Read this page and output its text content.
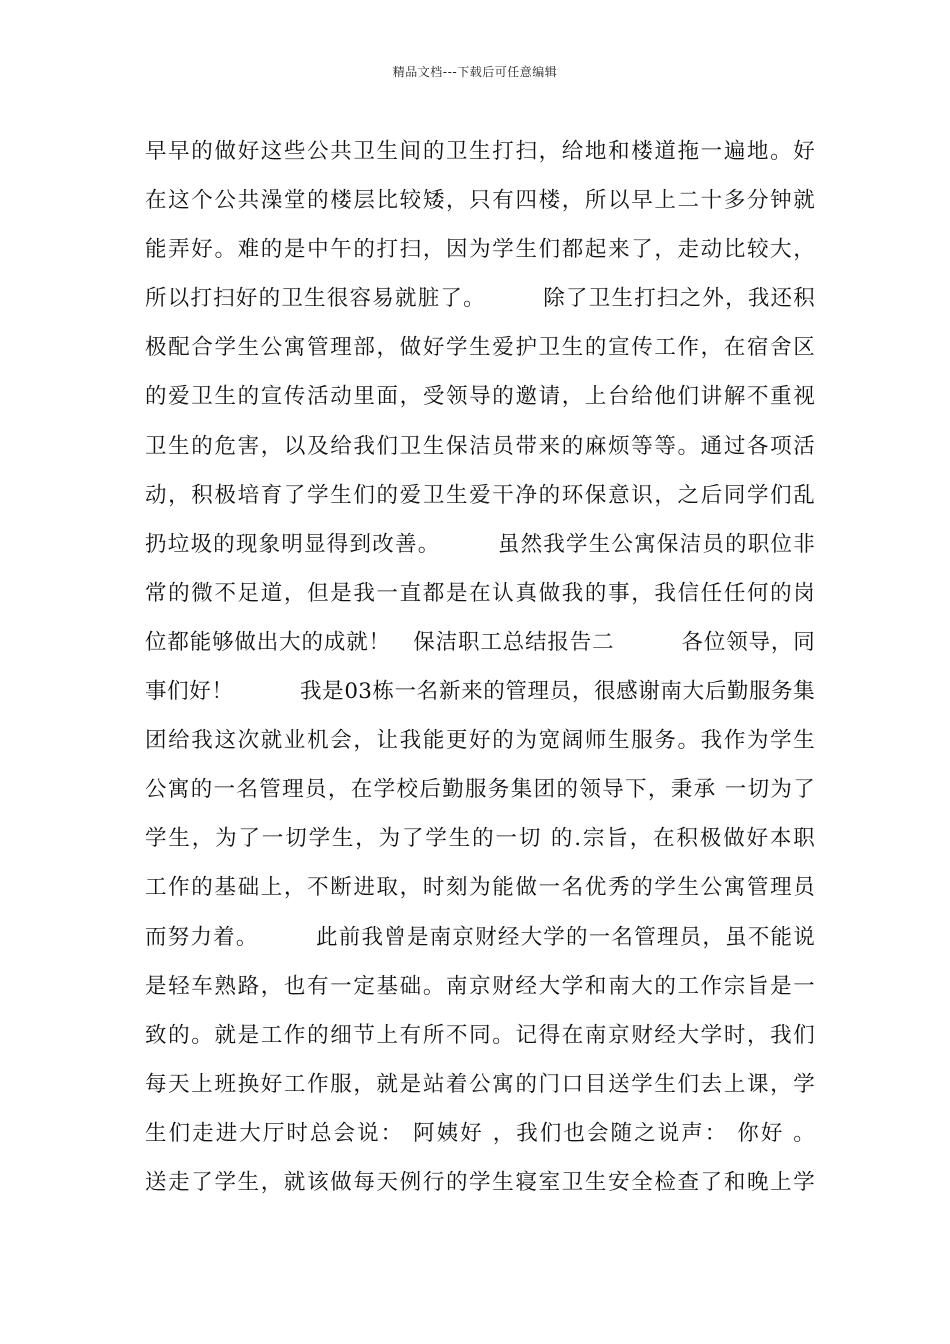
精品文档---下载后可任意编辑
早早的做好这些公共卫生间的卫生打扫，给地和楼道拖一遍地。好
在这个公共澡堂的楼层比较矮，只有四楼，所以早上二十多分钟就
能弄好。难的是中午的打扫，因为学生们都起来了，走动比较大，
所以打扫好的卫生很容易就脏了。　　　除了卫生打扫之外，我还积
极配合学生公寓管理部，做好学生爱护卫生的宣传工作，在宿舍区
的爱卫生的宣传活动里面，受领导的邀请，上台给他们讲解不重视
卫生的危害，以及给我们卫生保洁员带来的麻烦等等。通过各项活
动，积极培育了学生们的爱卫生爱干净的环保意识，之后同学们乱
扔垃圾的现象明显得到改善。　　　虽然我学生公寓保洁员的职位非
常的微不足道，但是我一直都是在认真做我的事，我信任任何的岗
位都能够做出大的成就！　保洁职工总结报告二　　　各位领导，同
事们好！　　　我是03栋一名新来的管理员，很感谢南大后勤服务集
团给我这次就业机会，让我能更好的为宽阔师生服务。我作为学生
公寓的一名管理员，在学校后勤服务集团的领导下，秉承 一切为了
学生，为了一切学生，为了学生的一切 的.宗旨，在积极做好本职
工作的基础上，不断进取，时刻为能做一名优秀的学生公寓管理员
而努力着。　　　此前我曾是南京财经大学的一名管理员，虽不能说
是轻车熟路，也有一定基础。南京财经大学和南大的工作宗旨是一
致的。就是工作的细节上有所不同。记得在南京财经大学时，我们
每天上班换好工作服，就是站着公寓的门口目送学生们去上课，学
生们走进大厅时总会说： 阿姨好 ，我们也会随之说声： 你好 。
送走了学生，就该做每天例行的学生寝室卫生安全检查了和晚上学
